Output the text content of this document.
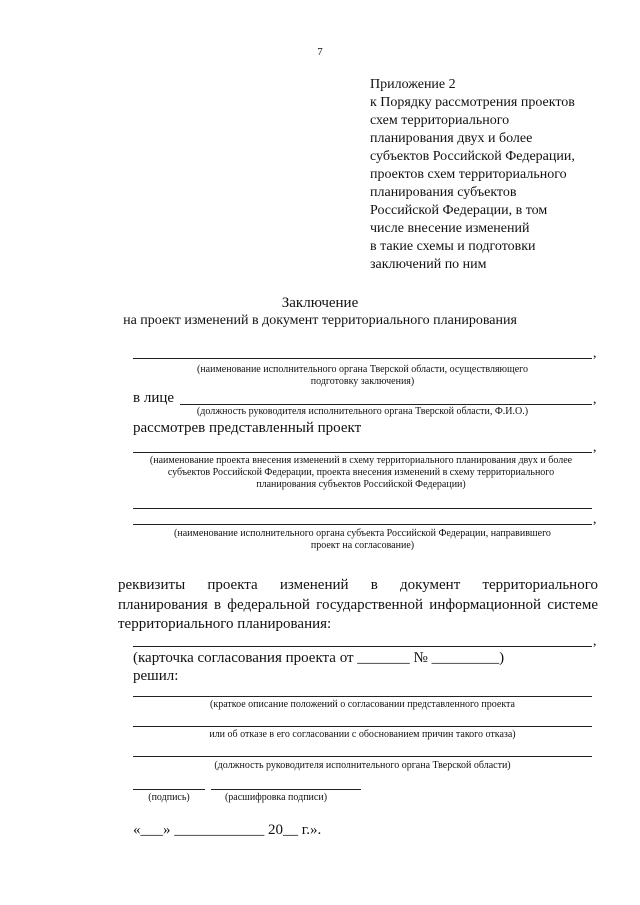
7
Приложение 2
к Порядку рассмотрения проектов
схем территориального
планирования двух и более
субъектов Российской Федерации,
проектов схем территориального
планирования субъектов
Российской Федерации, в том
числе внесение изменений
в такие схемы и подготовки
заключений по ним
Заключение
на проект изменений в документ территориального планирования
,
(наименование исполнительного органа Тверской области, осуществляющего
подготовку заключения)
в лице	,
(должность руководителя исполнительного органа Тверской области, Ф.И.О.)
рассмотрев представленный проект
,
(наименование проекта внесения изменений в схему территориального планирования двух и более
субъектов Российской Федерации, проекта внесения изменений в схему территориального
планирования субъектов Российской Федерации)
,
(наименование исполнительного органа субъекта Российской Федерации, направившего
проект на согласование)
реквизиты проекта изменений в документ территориального
планирования в федеральной государственной информационной системе
территориального планирования:
,
(карточка согласования проекта от _______ № _________)
решил:
(краткое описание положений о согласовании представленного проекта
или об отказе в его согласовании с обоснованием причин такого отказа)
(должность руководителя исполнительного органа Тверской области)
(подпись)	(расшифровка подписи)
«___» ____________ 20__ г.».
